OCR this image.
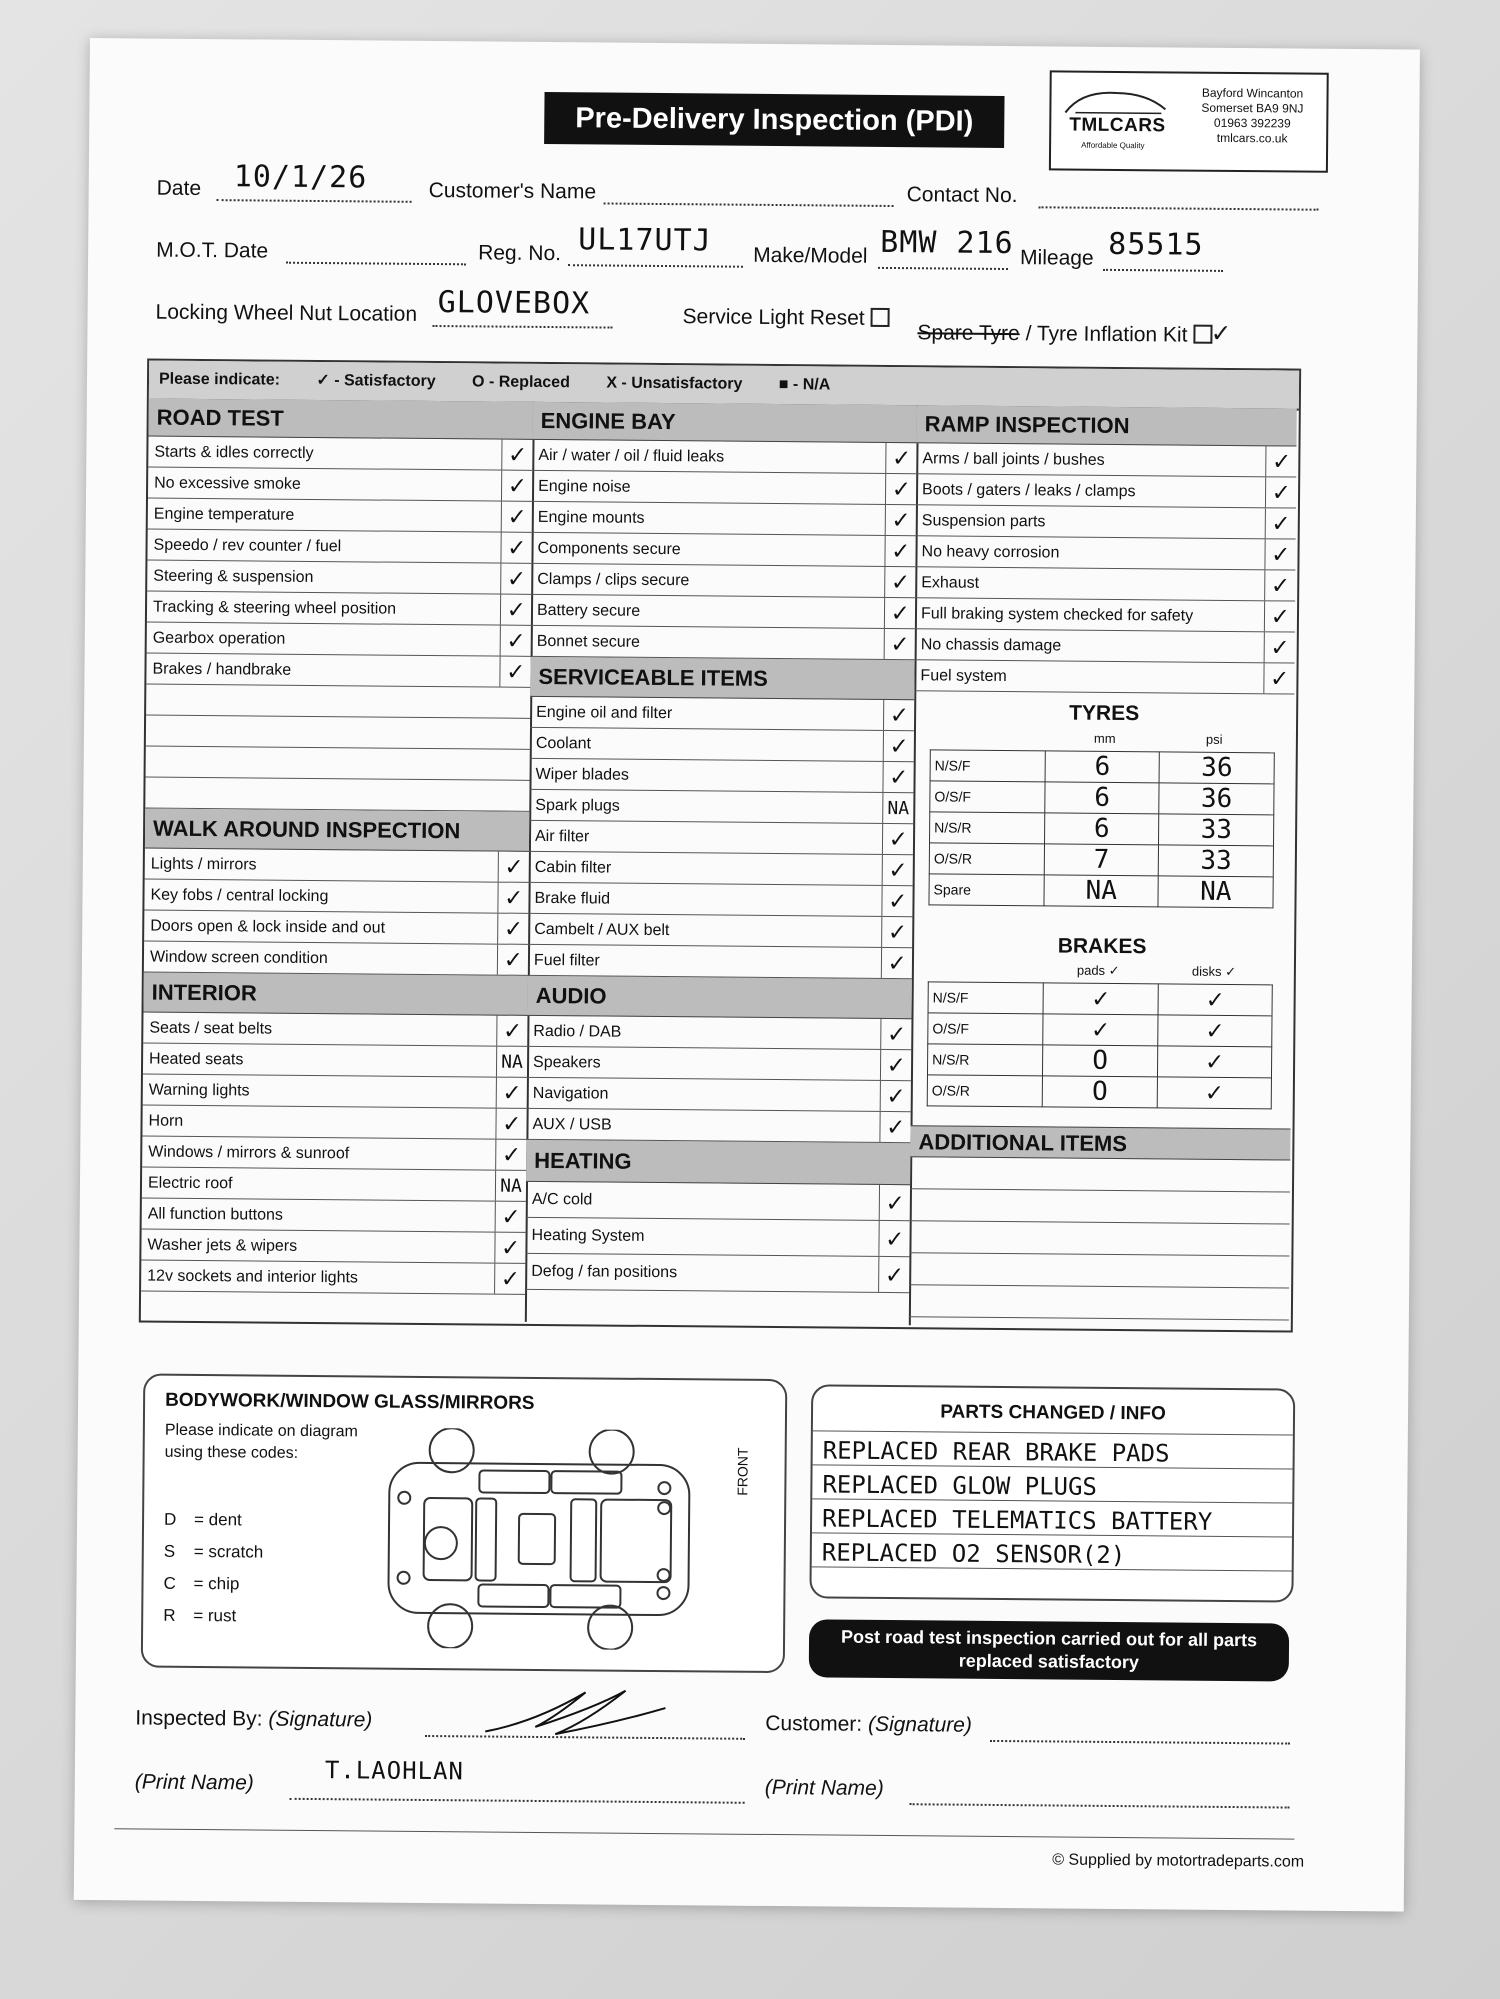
Pre-Delivery Inspection (PDI)	TMLCARS
Affordable Quality
Bayford Wincanton
Somerset BA9 9NJ
01963 392239
tmlcars.co.uk
Date 10/1/26	Customer's Name	Contact No.
M.O.T. Date	Reg. No. UL17UTJ Make/Model BMW 216 Mileage 85515
Locking Wheel Nut Location GLOVEBOX	Service Light Reset
Spare Tyre / Tyre Inflation Kit ✓
Please indicate: ✓ - Satisfactory O - Replaced X - Unsatisfactory ■ - N/A
ROAD TEST
Starts & idles correctly	✓
No excessive smoke	✓
Engine temperature	✓
Speedo / rev counter / fuel	✓
Steering & suspension	✓
Tracking & steering wheel position	✓
Gearbox operation	✓
Brakes / handbrake	✓
WALK AROUND INSPECTION
Lights / mirrors	✓
Key fobs / central locking	✓
Doors open & lock inside and out	✓
Window screen condition	✓
INTERIOR
Seats / seat belts	✓
Heated seats	NA
Warning lights	✓
Horn	✓
Windows / mirrors & sunroof	✓
Electric roof	NA
All function buttons	✓
Washer jets & wipers	✓
12v sockets and interior lights	✓
ENGINE BAY
Air / water / oil / fluid leaks	✓
Engine noise	✓
Engine mounts	✓
Components secure	✓
Clamps / clips secure	✓
Battery secure	✓
Bonnet secure	✓
SERVICEABLE ITEMS
Engine oil and filter	✓
Coolant	✓
Wiper blades	✓
Spark plugs	NA
Air filter	✓
Cabin filter	✓
Brake fluid	✓
Cambelt / AUX belt	✓
Fuel filter	✓
AUDIO
Radio / DAB	✓
Speakers	✓
Navigation	✓
AUX / USB	✓
HEATING
A/C cold	✓
Heating System	✓
Defog / fan positions	✓
RAMP INSPECTION
Arms / ball joints / bushes	✓
Boots / gaters / leaks / clamps	✓
Suspension parts	✓
No heavy corrosion	✓
Exhaust	✓
Full braking system checked for safety	✓
No chassis damage	✓
Fuel system	✓
TYRES
mm	psi
N/S/F	6	36
O/S/F	6	36
N/S/R	6	33
O/S/R	7	33
Spare	NA	NA
BRAKES
pads ✓	disks ✓
N/S/F	✓	✓
O/S/F	✓	✓
N/S/R	O	✓
O/S/R	O	✓
ADDITIONAL ITEMS
BODYWORK/WINDOW GLASS/MIRRORS
Please indicate on diagram using these codes:
D = dent
S = scratch
C = chip
R = rust
FRONT
PARTS CHANGED / INFO
REPLACED REAR BRAKE PADS
REPLACED GLOW PLUGS
REPLACED TELEMATICS BATTERY
REPLACED O2 SENSOR(2)
Post road test inspection carried out for all parts replaced satisfactory
Inspected By: (Signature)	Customer: (Signature)
(Print Name)	T.LAOHLAN
(Print Name)
© Supplied by motortradeparts.com
